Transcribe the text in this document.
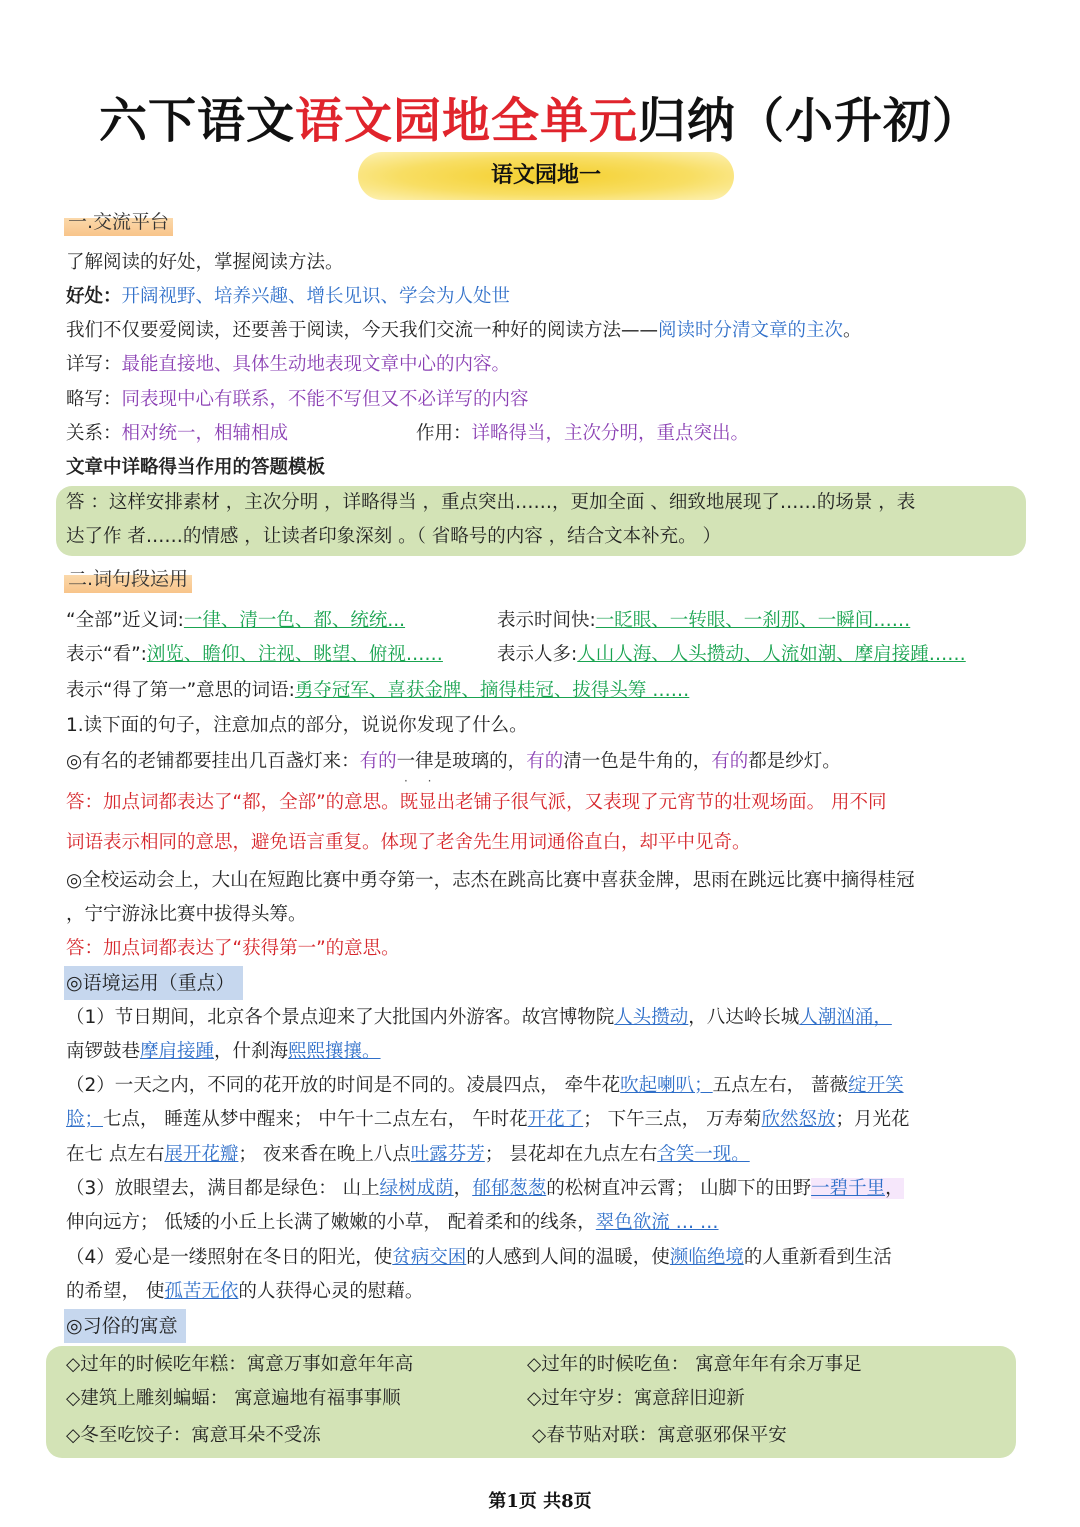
六下语文语文园地全单元归纳（小升初）
语文园地一
一.交流平台
了解阅读的好处，掌握阅读方法。
好处：开阔视野、培养兴趣、增长见识、学会为人处世
我们不仅要爱阅读，还要善于阅读，今天我们交流一种好的阅读方法——阅读时分清文章的主次。
详写：最能直接地、具体生动地表现文章中心的内容。
略写：同表现中心有联系，不能不写但又不必详写的内容
关系：相对统一，相辅相成	作用：详略得当，主次分明，重点突出。
文章中详略得当作用的答题模板
答 ：这样安排素材 ，主次分明 ，详略得当 ，重点突出……，更加全面 、细致地展现了……的场景 ，表
达了作 者……的情感 ，让读者印象深刻 。（ 省略号的内容 ，结合文本补充。 ）
二.词句段运用
“全部”近义词:一律、清一色、都、统统...	表示时间快:一眨眼、一转眼、一刹那、一瞬间……
表示“看”:浏览、瞻仰、注视、眺望、俯视……	表示人多:人山人海、人头攒动、人流如潮、摩肩接踵……
表示“得了第一”意思的词语:勇夺冠军、喜获金牌、摘得桂冠、拔得头筹 ……
1.读下面的句子，注意加点的部分，说说你发现了什么。
◎有名的老铺都要挂出几百盏灯来：有的一律是玻璃的，有的清一色是牛角的，有的都是纱灯。
· ·
答：加点词都表达了“都，全部”的意思。既显出老铺子很气派，又表现了元宵节的壮观场面。 用不同
词语表示相同的意思，避免语言重复。体现了老舍先生用词通俗直白，却平中见奇。
◎全校运动会上，大山在短跑比赛中勇夺第一，志杰在跳高比赛中喜获金牌，思雨在跳远比赛中摘得桂冠
，宁宁游泳比赛中拔得头筹。
答：加点词都表达了“获得第一”的意思。
◎语境运用（重点）
（1）节日期间，北京各个景点迎来了大批国内外游客。故宫博物院人头攒动，八达岭长城人潮汹涌，
南锣鼓巷摩肩接踵，什刹海熙熙攘攘。
（2）一天之内，不同的花开放的时间是不同的。凌晨四点， 牵牛花吹起喇叭；五点左右， 蔷薇绽开笑
脸；七点， 睡莲从梦中醒来； 中午十二点左右， 午时花开花了； 下午三点， 万寿菊欣然怒放；月光花
在七 点左右展开花瓣； 夜来香在晚上八点吐露芬芳； 昙花却在九点左右含笑一现。
（3）放眼望去，满目都是绿色： 山上绿树成荫，郁郁葱葱的松树直冲云霄； 山脚下的田野一碧千里，
伸向远方； 低矮的小丘上长满了嫩嫩的小草， 配着柔和的线条，翠色欲流 … …
（4）爱心是一缕照射在冬日的阳光，使贫病交困的人感到人间的温暖，使濒临绝境的人重新看到生活
的希望， 使孤苦无依的人获得心灵的慰藉。
◎习俗的寓意
◇过年的时候吃年糕：寓意万事如意年年高	◇过年的时候吃鱼： 寓意年年有余万事足
◇建筑上雕刻蝙蝠： 寓意遍地有福事事顺	◇过年守岁：寓意辞旧迎新
◇冬至吃饺子：寓意耳朵不受冻	◇春节贴对联：寓意驱邪保平安
第1页 共8页
